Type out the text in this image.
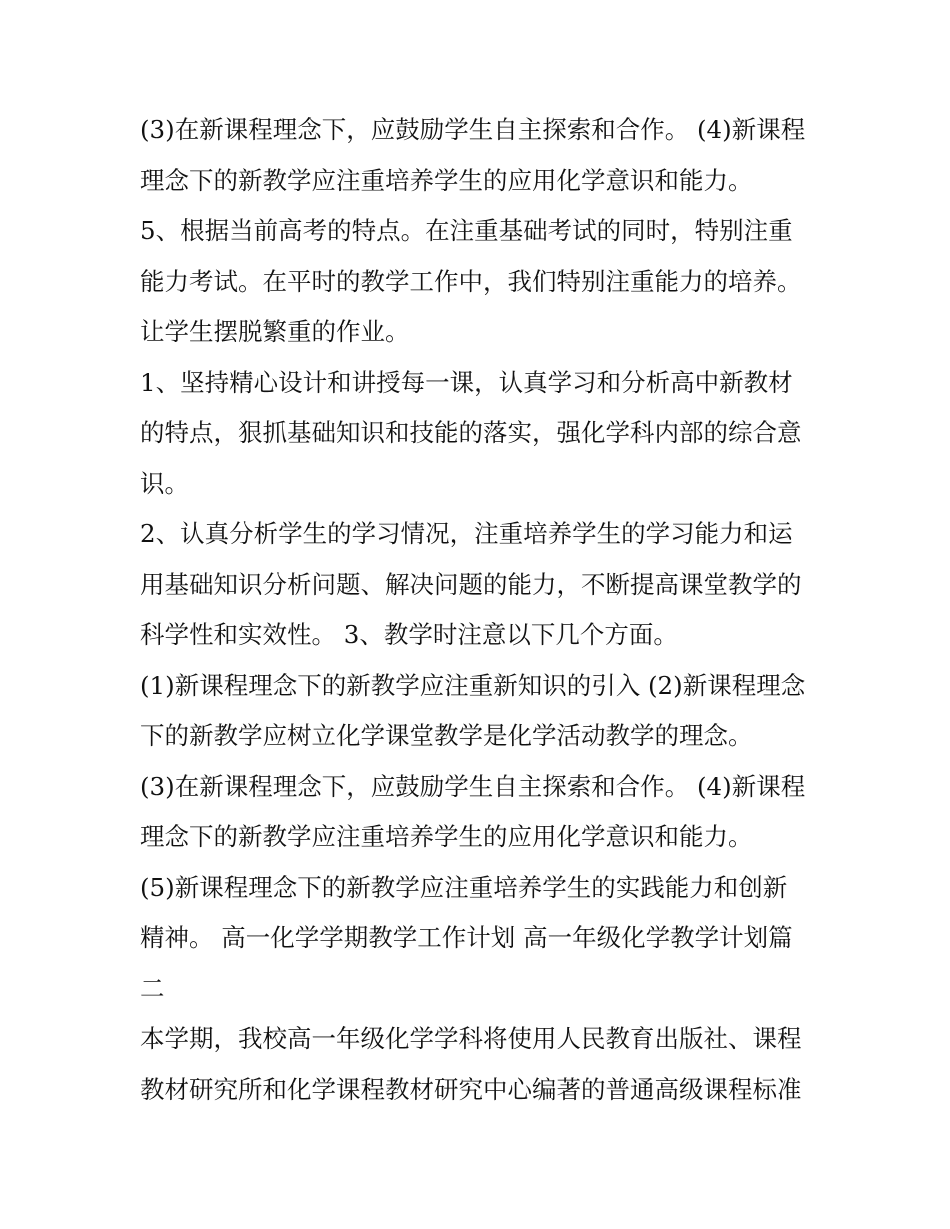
(3)在新课程理念下，应鼓励学生自主探索和合作。 (4)新课程
理念下的新教学应注重培养学生的应用化学意识和能力。
5、根据当前高考的特点。在注重基础考试的同时，特别注重
能力考试。在平时的教学工作中，我们特别注重能力的培养。
让学生摆脱繁重的作业。
1、坚持精心设计和讲授每一课，认真学习和分析高中新教材
的特点，狠抓基础知识和技能的落实，强化学科内部的综合意
识。
2、认真分析学生的学习情况，注重培养学生的学习能力和运
用基础知识分析问题、解决问题的能力，不断提高课堂教学的
科学性和实效性。 3、教学时注意以下几个方面。
(1)新课程理念下的新教学应注重新知识的引入 (2)新课程理念
下的新教学应树立化学课堂教学是化学活动教学的理念。
(3)在新课程理念下，应鼓励学生自主探索和合作。 (4)新课程
理念下的新教学应注重培养学生的应用化学意识和能力。
(5)新课程理念下的新教学应注重培养学生的实践能力和创新
精神。 高一化学学期教学工作计划 高一年级化学教学计划篇
二
本学期，我校高一年级化学学科将使用人民教育出版社、课程
教材研究所和化学课程教材研究中心编著的普通高级课程标准
